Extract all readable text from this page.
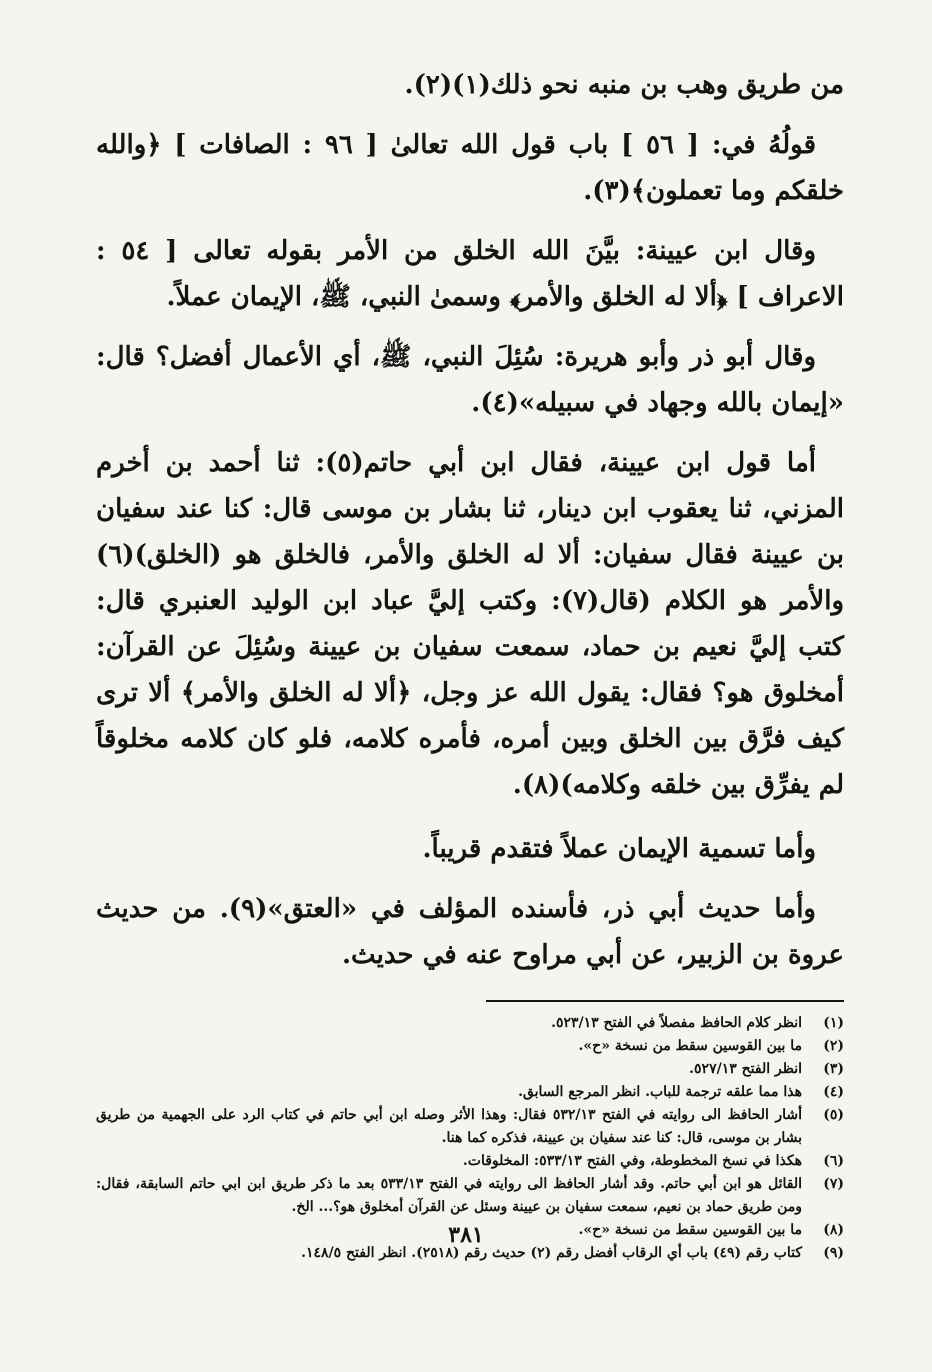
من طريق وهب بن منبه نحو ذلك(١)(٢).

قولُهُ في: [ ٥٦ ] باب قول الله تعالىٰ [ ٩٦ : الصافات ] ﴿والله خلقكم وما تعملون﴾(٣).

وقال ابن عيينة: بيَّنَ الله الخلق من الأمر بقوله تعالى [ ٥٤ : الاعراف ] ﴿ألا له الخلق والأمر﴾ وسمىٰ النبي، ﷺ، الإيمان عملاً.

وقال أبو ذر وأبو هريرة: سُئِلَ النبي، ﷺ، أي الأعمال أفضل؟ قال: «إيمان بالله وجهاد في سبيله»(٤).

أما قول ابن عيينة، فقال ابن أبي حاتم(٥): ثنا أحمد بن أخرم المزني، ثنا يعقوب ابن دينار، ثنا بشار بن موسى قال: كنا عند سفيان بن عيينة فقال سفيان: ألا له الخلق والأمر، فالخلق هو (الخلق)(٦) والأمر هو الكلام (قال(٧): وكتب إليَّ عباد ابن الوليد العنبري قال: كتب إليَّ نعيم بن حماد، سمعت سفيان بن عيينة وسُئِلَ عن القرآن: أمخلوق هو؟ فقال: يقول الله عز وجل، ﴿ألا له الخلق والأمر﴾ ألا ترى كيف فرَّق بين الخلق وبين أمره، فأمره كلامه، فلو كان كلامه مخلوقاً لم يفرِّق بين خلقه وكلامه)(٨).

وأما تسمية الإيمان عملاً فتقدم قريباً.

وأما حديث أبي ذر، فأسنده المؤلف في «العتق»(٩). من حديث عروة بن الزبير، عن أبي مراوح عنه في حديث.

(١)
انظر كلام الحافظ مفصلاً في الفتح ٥٢٣/١٣.
(٢)
ما بين القوسين سقط من نسخة «ح».
(٣)
انظر الفتح ٥٢٧/١٣.
(٤)
هذا مما علقه ترجمة للباب. انظر المرجع السابق.
(٥)
أشار الحافظ الى روايته في الفتح ٥٣٢/١٣ فقال: وهذا الأثر وصله ابن أبي حاتم في كتاب الرد على الجهمية من طريق بشار بن موسى، قال: كنا عند سفيان بن عيينة، فذكره كما هنا.
(٦)
هكذا في نسخ المخطوطة، وفي الفتح ٥٣٣/١٣: المخلوقات.
(٧)
القائل هو ابن أبي حاتم. وقد أشار الحافظ الى روايته في الفتح ٥٣٣/١٣ بعد ما ذكر طريق ابن ابي حاتم السابقة، فقال: ومن طريق حماد بن نعيم، سمعت سفيان بن عيينة وسئل عن القرآن أمخلوق هو؟... الخ.
(٨)
ما بين القوسين سقط من نسخة «ح».
(٩)
كتاب رقم (٤٩) باب أي الرقاب أفضل رقم (٢) حديث رقم (٢٥١٨). انظر الفتح ١٤٨/٥.
٣٨١
